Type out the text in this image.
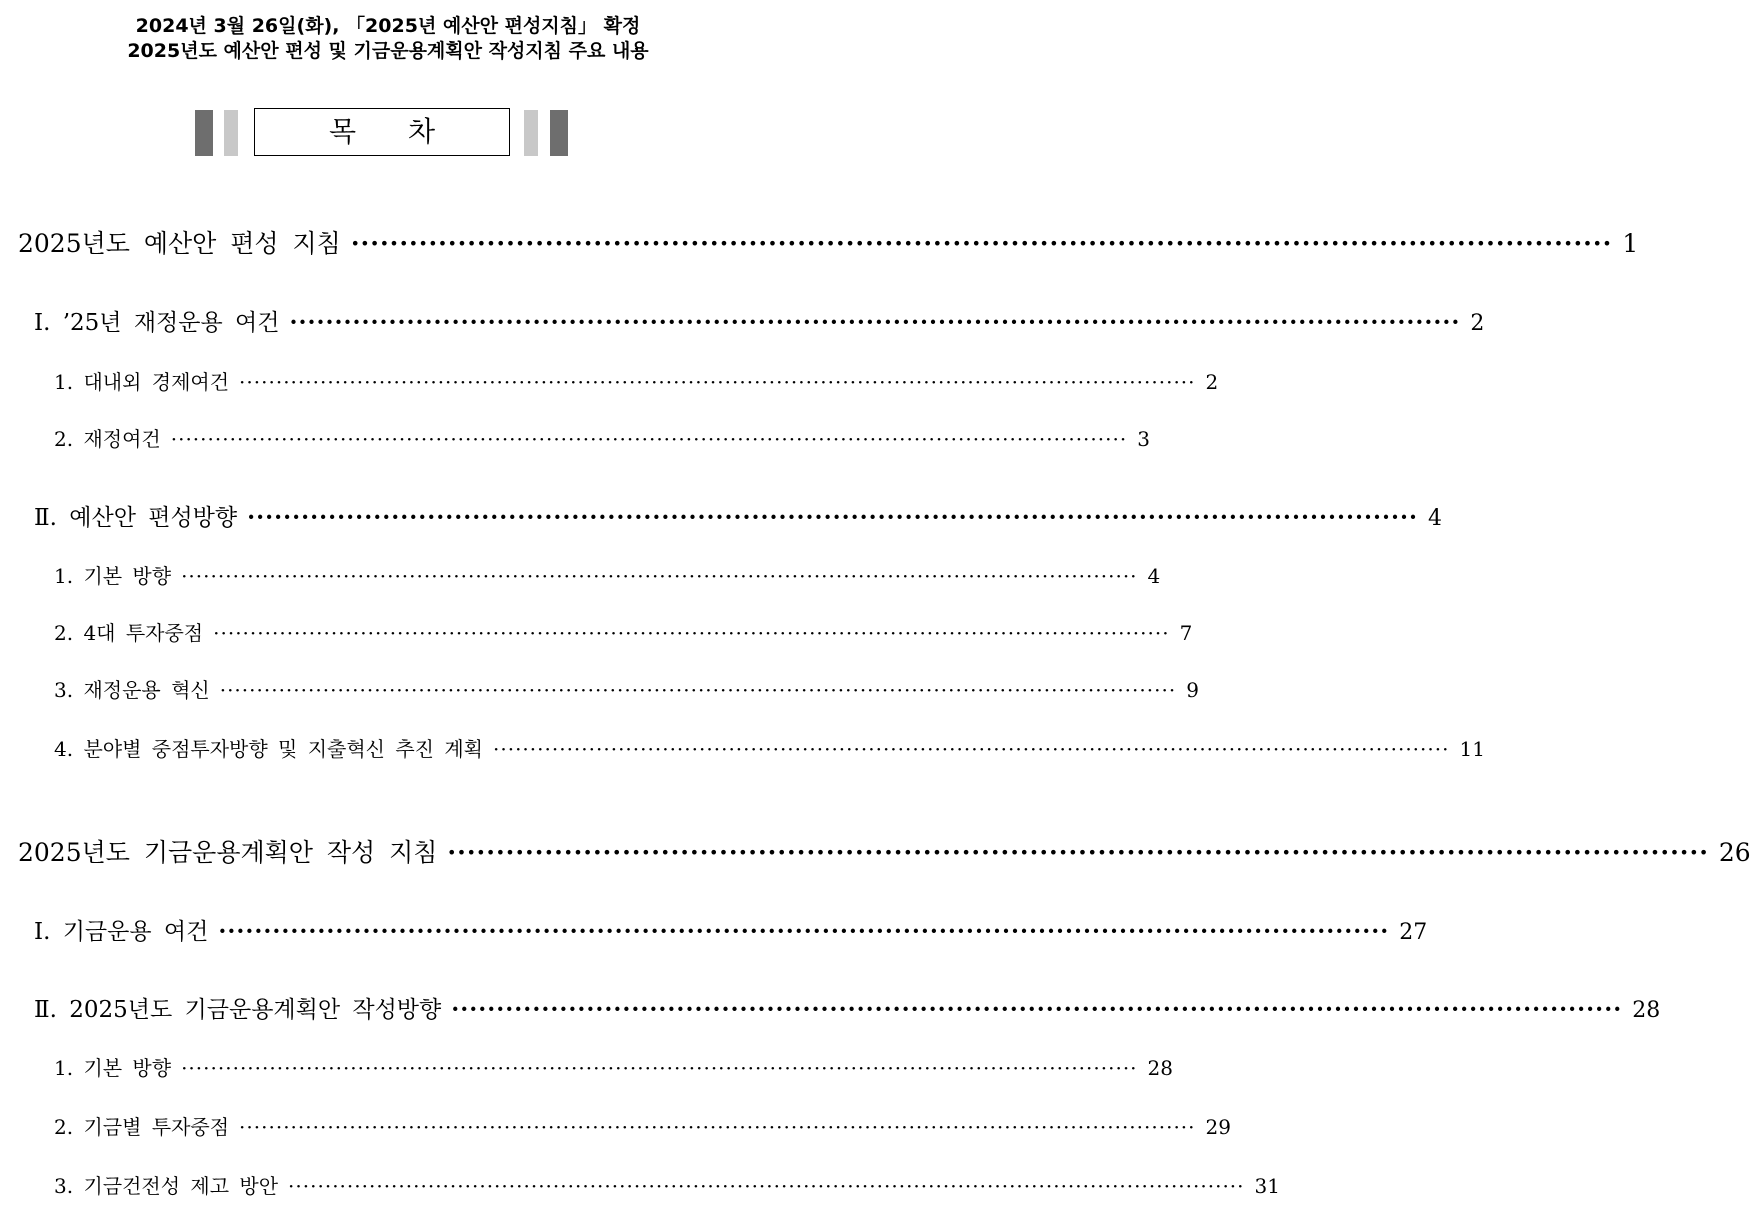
2024년 3월 26일(화), 「2025년 예산안 편성지침」 확정
2025년도 예산안 편성 및 기금운용계획안 작성지침 주요 내용
목차
2025년도 예산안 편성 지침 ·································································································································· 1
Ⅰ. ’25년 재정운용 여건 ·································································································································· 2
1. 대내외 경제여건 ·································································································································· 2
2. 재정여건 ·································································································································· 3
Ⅱ. 예산안 편성방향 ·································································································································· 4
1. 기본 방향 ·································································································································· 4
2. 4대 투자중점 ·································································································································· 7
3. 재정운용 혁신 ·································································································································· 9
4. 분야별 중점투자방향 및 지출혁신 추진 계획 ·································································································································· 11
2025년도 기금운용계획안 작성 지침 ·································································································································· 26
Ⅰ. 기금운용 여건 ·································································································································· 27
Ⅱ. 2025년도 기금운용계획안 작성방향 ·································································································································· 28
1. 기본 방향 ·································································································································· 28
2. 기금별 투자중점 ·································································································································· 29
3. 기금건전성 제고 방안 ·································································································································· 31
